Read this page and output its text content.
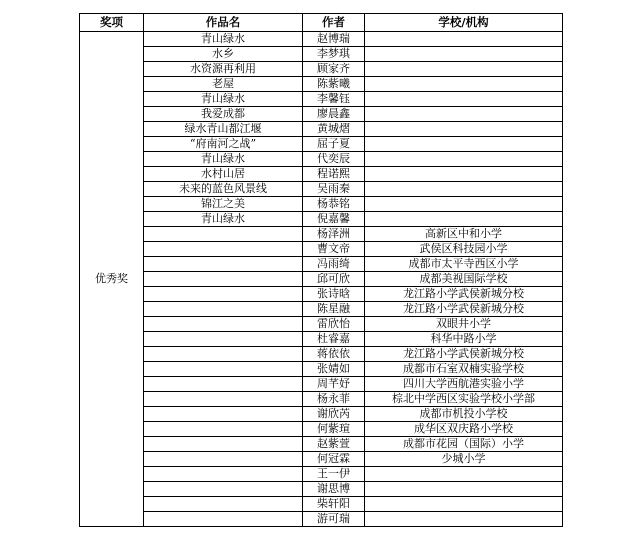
奖项	作品名	作者	学校/机构
优秀奖	青山绿水	赵博瑞	
	水乡	李梦琪	
	水资源再利用	顾家齐	
	老屋	陈紫曦	
	青山绿水	李馨钰	
	我爱成都	廖晨鑫	
	绿水青山都江堰	黄城熠	
	“府南河之战”	屈子夏	
	青山绿水	代奕辰	
	水村山居	程诺熙	
	未来的蓝色风景线	吴雨秦	
	锦江之美	杨恭铭	
	青山绿水	倪嘉馨	
		杨泽洲	高新区中和小学
		曹文帝	武侯区科技园小学
		冯雨绮	成都市太平寺西区小学
		邱可欣	成都美视国际学校
		张诗晗	龙江路小学武侯新城分校
		陈星融	龙江路小学武侯新城分校
		雷欣怡	双眼井小学
		杜睿嘉	科华中路小学
		蒋依依	龙江路小学武侯新城分校
		张婧如	成都市石室双楠实验学校
		周芊妤	四川大学西航港实验小学
		杨永菲	棕北中学西区实验学校小学部
		谢欣芮	成都市机投小学校
		何紫瑄	成华区双庆路小学校
		赵紫萱	成都市花园（国际）小学
		何冠霖	少城小学
		王一伊	
		谢思博	
		柴轩阳	
		游可瑞	
